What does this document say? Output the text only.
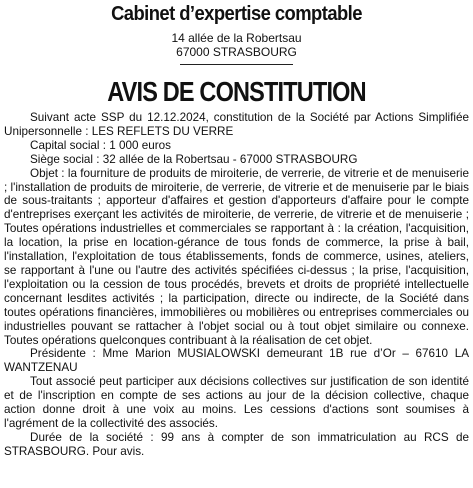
Cabinet d’expertise comptable
14 allée de la Robertsau
67000 STRASBOURG
AVIS DE CONSTITUTION

Suivant acte SSP du 12.12.2024, constitution de la Société par Actions Simplifiée Unipersonnelle : LES REFLETS DU VERRE

Capital social : 1 000 euros

Siège social : 32 allée de la Robertsau - 67000 STRASBOURG

Objet : la fourniture de produits de miroiterie, de verrerie, de vitrerie et de menuiserie ; l'installation de produits de miroiterie, de verrerie, de vitrerie et de menuiserie par le biais de sous-traitants ; apporteur d'affaires et gestion d'apporteurs d'affaire pour le compte d'entreprises exerçant les activités de miroiterie, de verrerie, de vitrerie et de menuiserie ; Toutes opérations industrielles et commerciales se rapportant à : la création, l'acquisition, la location, la prise en location-gérance de tous fonds de commerce, la prise à bail, l'installation, l'exploitation de tous établissements, fonds de commerce, usines, ateliers, se rapportant à l'une ou l'autre des activités spécifiées ci-dessus ; la prise, l'acquisition, l'exploitation ou la cession de tous procédés, brevets et droits de propriété intellectuelle concernant lesdites activités ; la participation, directe ou indirecte, de la Société dans toutes opérations financières, immobilières ou mobilières ou entreprises commerciales ou industrielles pouvant se rattacher à l'objet social ou à tout objet similaire ou connexe. Toutes opérations quelconques contribuant à la réalisation de cet objet.

Présidente : Mme Marion MUSIALOWSKI demeurant 1B rue d’Or – 67610 LA WANTZENAU

Tout associé peut participer aux décisions collectives sur justification de son identité et de l'inscription en compte de ses actions au jour de la décision collective, chaque action donne droit à une voix au moins. Les cessions d'actions sont soumises à l'agrément de la collectivité des associés.

Durée de la société : 99 ans à compter de son immatriculation au RCS de STRASBOURG. Pour avis.
